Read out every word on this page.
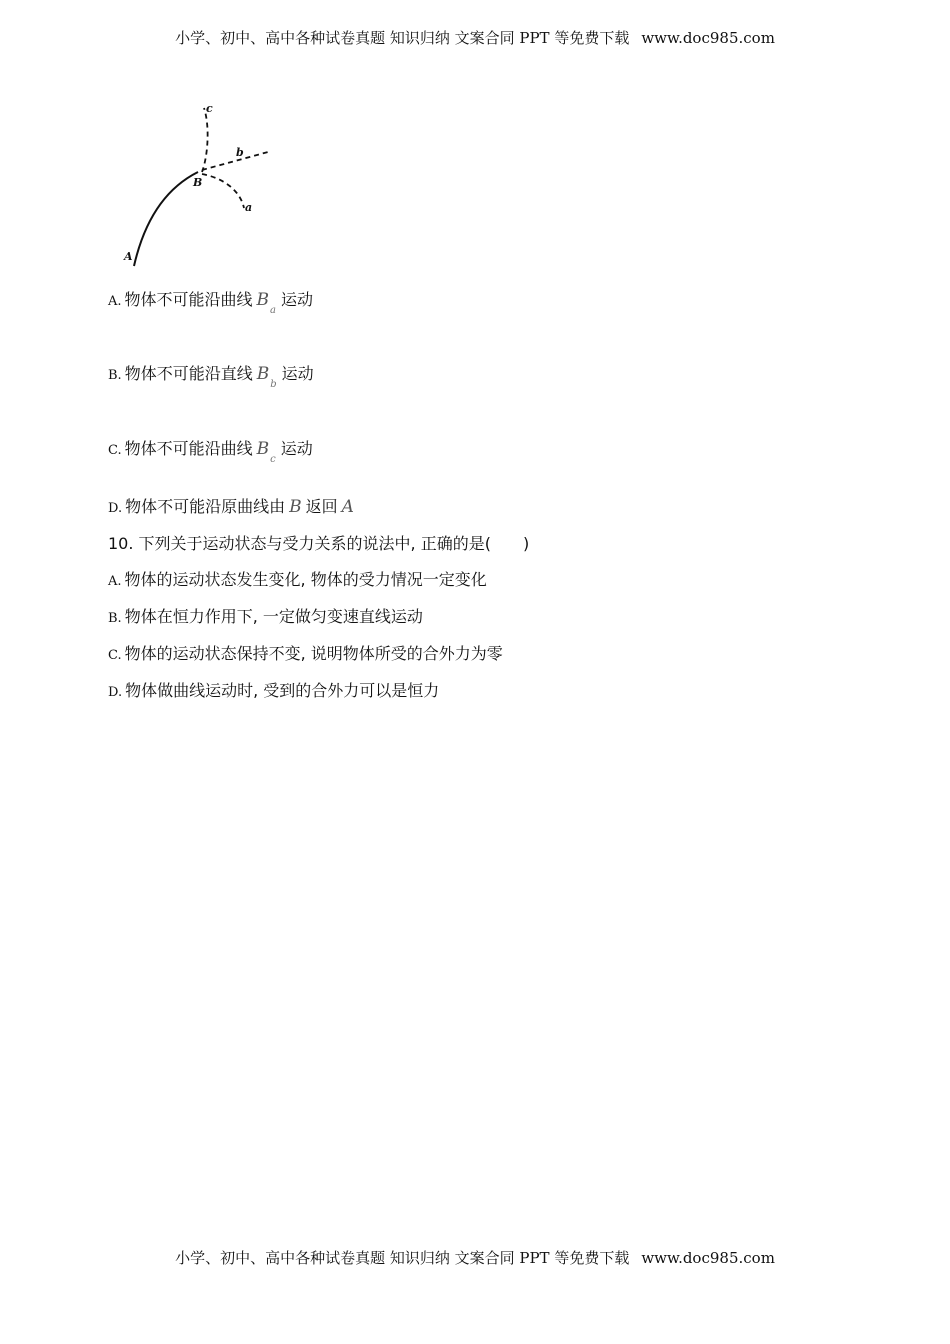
小学、初中、高中各种试卷真题 知识归纳 文案合同 PPT 等免费下载 www.doc985.com
A
B
a
b
c
A. 物体不可能沿曲线 $B_a$运动
B. 物体不可能沿直线 $B_b$运动
C. 物体不可能沿曲线 $B_c$运动
D. 物体不可能沿原曲线由 B 返回 A
10. 下列关于运动状态与受力关系的说法中, 正确的是(　　)
A. 物体的运动状态发生变化, 物体的受力情况一定变化
B. 物体在恒力作用下, 一定做匀变速直线运动
C. 物体的运动状态保持不变, 说明物体所受的合外力为零
D. 物体做曲线运动时, 受到的合外力可以是恒力
小学、初中、高中各种试卷真题 知识归纳 文案合同 PPT 等免费下载 www.doc985.com
